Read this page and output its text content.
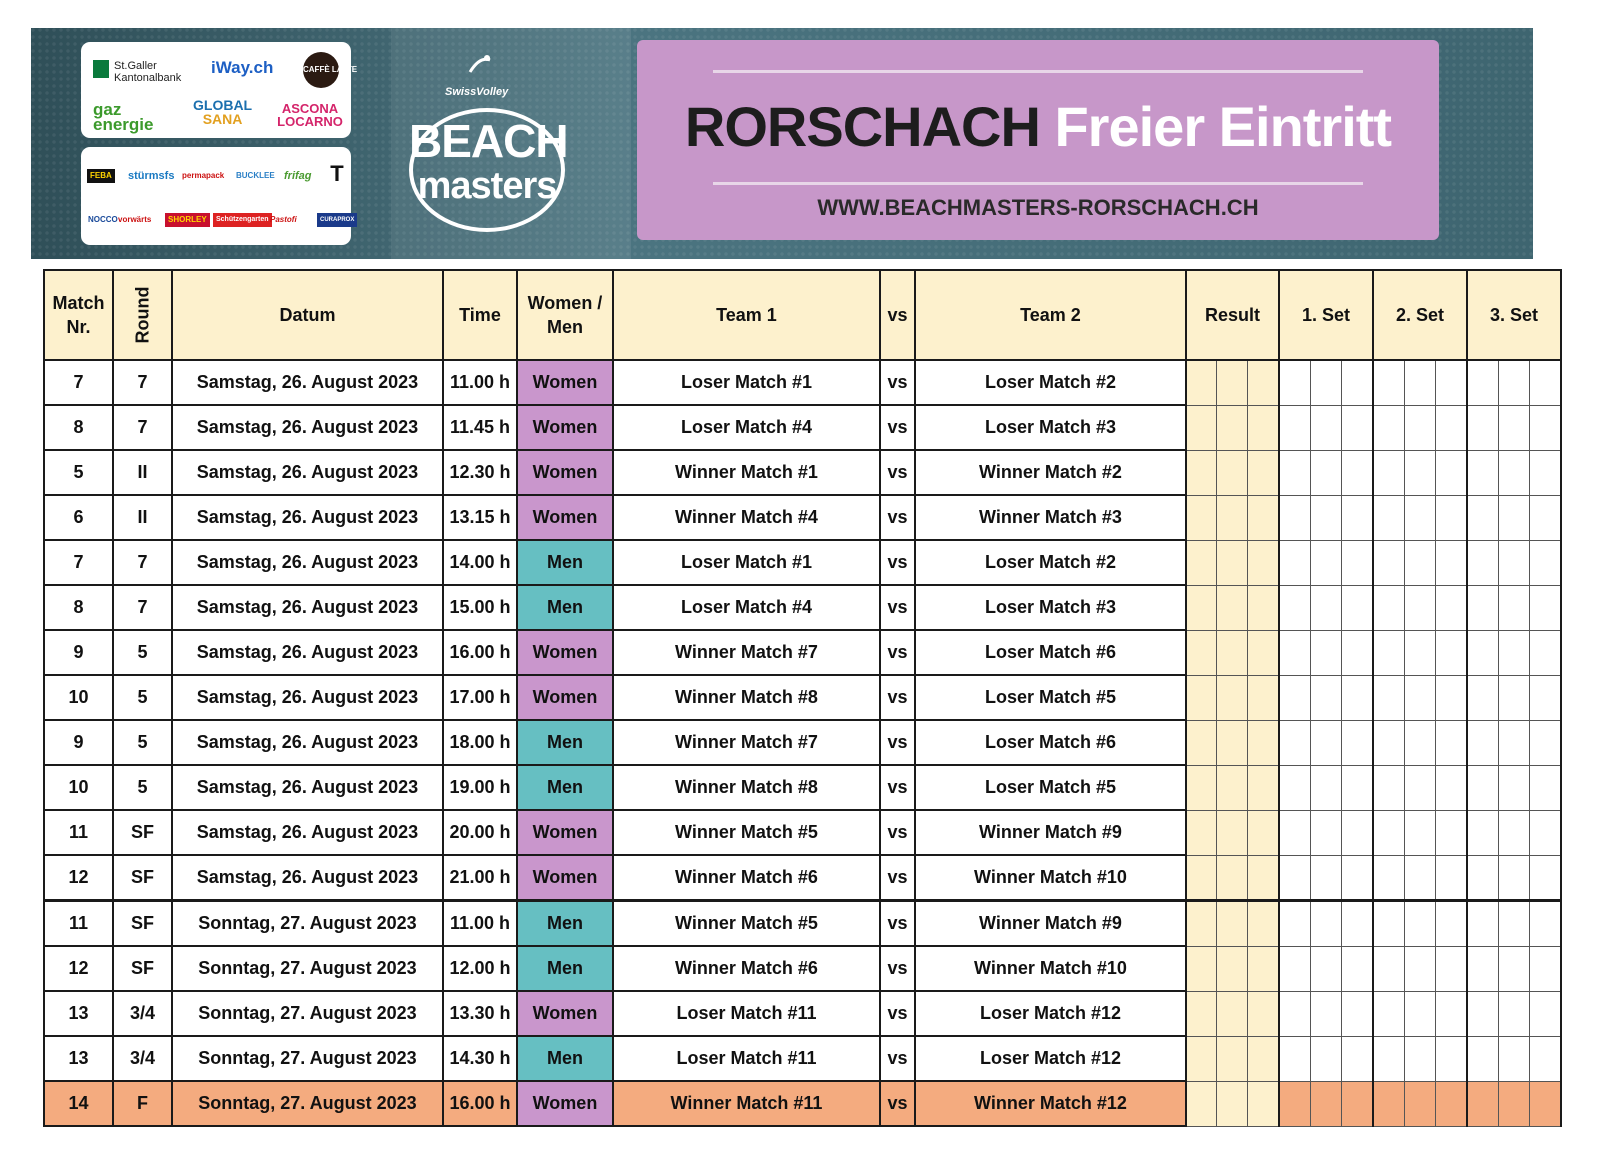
St.Galler Kantonalbank
iWay.ch	CAFFÈ LATTE
gaz energie
GLOBAL
SANA
ASCONA LOCARNO
FEBA stürmsfs permapack	BUCKLEE frifag T
NOCCO vorwärts	SHORLEY	Schützengarten Pastofi	CURAPROX
SwissVolley
BEACH
masters
RORSCHACH Freier Eintritt
WWW.BEACHMASTERS-RORSCHACH.CH
Match Nr.	Round	Datum	Time	Women / Men	Team 1	vs	Team 2	Result			1. Set			2. Set			3. Set		
7	7	Samstag, 26. August 2023	11.00 h	Women	Loser Match #1	vs	Loser Match #2												
8	7	Samstag, 26. August 2023	11.45 h	Women	Loser Match #4	vs	Loser Match #3												
5	II	Samstag, 26. August 2023	12.30 h	Women	Winner Match #1	vs	Winner Match #2												
6	II	Samstag, 26. August 2023	13.15 h	Women	Winner Match #4	vs	Winner Match #3												
7	7	Samstag, 26. August 2023	14.00 h	Men	Loser Match #1	vs	Loser Match #2												
8	7	Samstag, 26. August 2023	15.00 h	Men	Loser Match #4	vs	Loser Match #3												
9	5	Samstag, 26. August 2023	16.00 h	Women	Winner Match #7	vs	Loser Match #6												
10	5	Samstag, 26. August 2023	17.00 h	Women	Winner Match #8	vs	Loser Match #5												
9	5	Samstag, 26. August 2023	18.00 h	Men	Winner Match #7	vs	Loser Match #6												
10	5	Samstag, 26. August 2023	19.00 h	Men	Winner Match #8	vs	Loser Match #5												
11	SF	Samstag, 26. August 2023	20.00 h	Women	Winner Match #5	vs	Winner Match #9												
12	SF	Samstag, 26. August 2023	21.00 h	Women	Winner Match #6	vs	Winner Match #10												
11	SF	Sonntag, 27. August 2023	11.00 h	Men	Winner Match #5	vs	Winner Match #9												
12	SF	Sonntag, 27. August 2023	12.00 h	Men	Winner Match #6	vs	Winner Match #10												
13	3/4	Sonntag, 27. August 2023	13.30 h	Women	Loser Match #11	vs	Loser Match #12												
13	3/4	Sonntag, 27. August 2023	14.30 h	Men	Loser Match #11	vs	Loser Match #12												
14	F	Sonntag, 27. August 2023	16.00 h	Women	Winner Match #11	vs	Winner Match #12												
